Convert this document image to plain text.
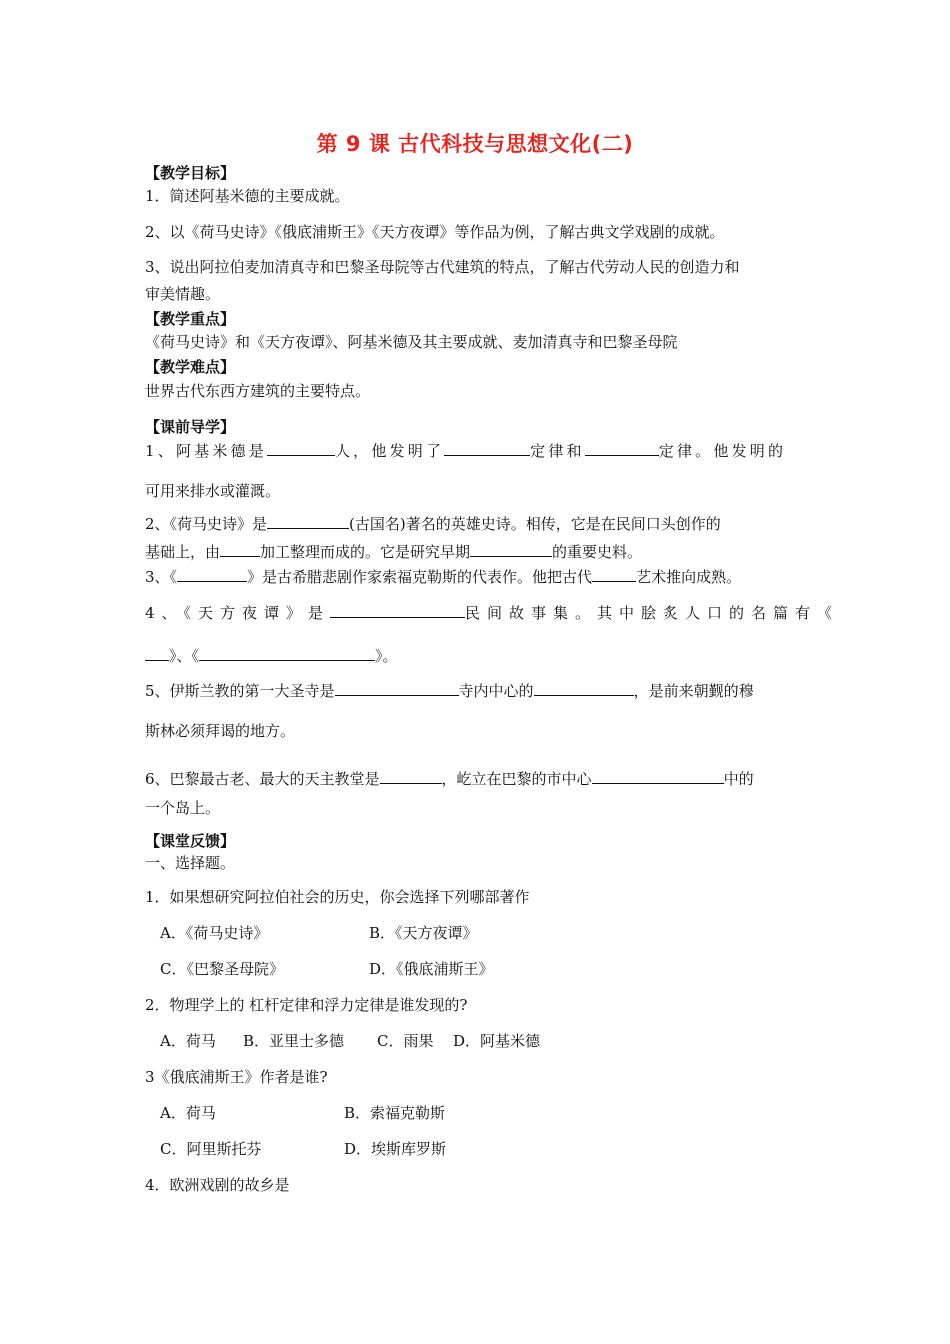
第 9 课 古代科技与思想文化(二)
【教学目标】
1．简述阿基米德的主要成就。
2、以《荷马史诗》《俄底浦斯王》《天方夜谭》等作品为例，了解古典文学戏剧的成就。
3、说出阿拉伯麦加清真寺和巴黎圣母院等古代建筑的特点，了解古代劳动人民的创造力和
审美情趣。
【教学重点】
《荷马史诗》和《天方夜谭》、阿基米德及其主要成就、麦加清真寺和巴黎圣母院
【教学难点】
世界古代东西方建筑的主要特点。
【课前导学】
1、阿基米德是	人，他发明了	定律和	定律。他发明的
可用来排水或灌溉。
2、《荷马史诗》是	(古国名)著名的英雄史诗。相传，它是在民间口头创作的
基础上，由	加工整理而成的。它是研究早期	的重要史料。
3、《	》是古希腊悲剧作家索福克勒斯的代表作。他把古代	艺术推向成熟。
4、《天方夜谭》是	民间故事集。其中脍炙人口的名篇有《
》、《	》。
5、伊斯兰教的第一大圣寺是	寺内中心的	，是前来朝觐的穆
斯林必须拜谒的地方。
6、巴黎最古老、最大的天主教堂是	，屹立在巴黎的市中心	中的
一个岛上。
【课堂反馈】
一、选择题。
1．如果想研究阿拉伯社会的历史，你会选择下列哪部著作
A．《荷马史诗》	B．《天方夜谭》
C．《巴黎圣母院》	D．《俄底浦斯王》
2．物理学上的 杠杆定律和浮力定律是谁发现的?
A．荷马 B．亚里士多德 C．雨果 D．阿基米德
3《俄底浦斯王》作者是谁?
A．荷马	B．索福克勒斯
C．阿里斯托芬	D．埃斯库罗斯
4．欧洲戏剧的故乡是
